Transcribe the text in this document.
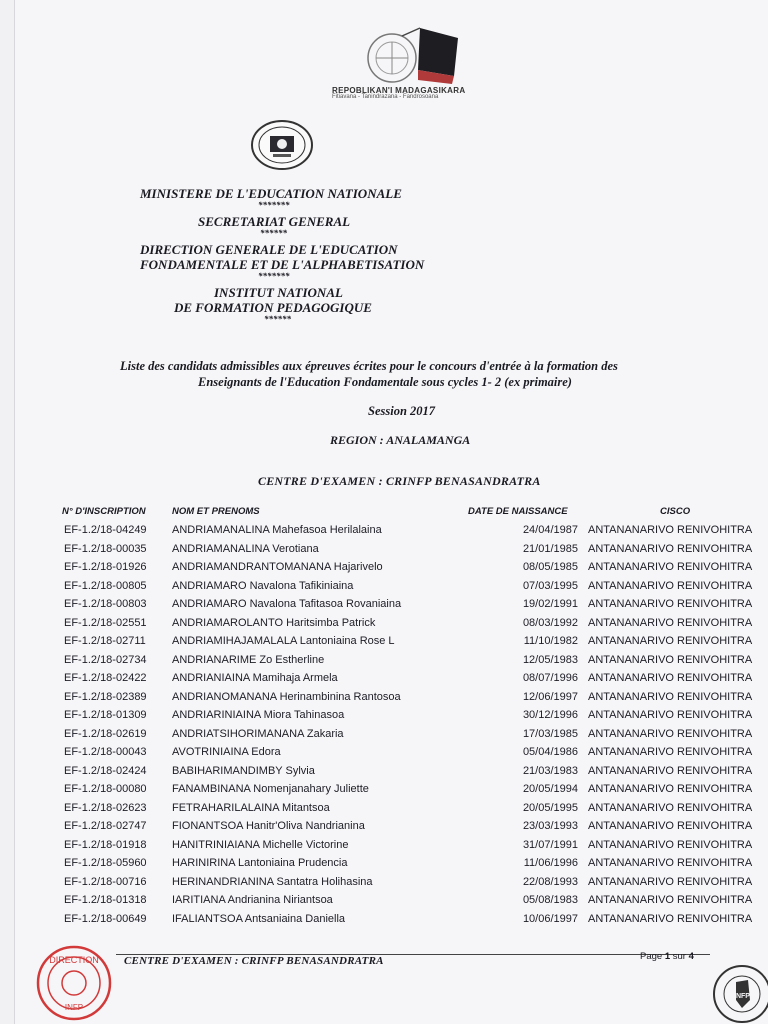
REPOBLIKAN'I MADAGASIKARA
Fitiavana - Tanindrazana - Fandrosoana
MINISTERE DE L'EDUCATION NATIONALE
*******
SECRETARIAT GENERAL
******
DIRECTION GENERALE DE L'EDUCATION
FONDAMENTALE ET DE L'ALPHABETISATION
*******
INSTITUT NATIONAL
DE FORMATION PEDAGOGIQUE
******
Liste des candidats admissibles aux épreuves écrites pour le concours d'entrée à la formation des
Enseignants de l'Education Fondamentale sous cycles 1- 2 (ex primaire)
Session 2017
REGION : ANALAMANGA
CENTRE D'EXAMEN : CRINFP BENASANDRATRA
N° D'INSCRIPTION	NOM ET PRENOMS	DATE DE NAISSANCE	CISCO
EF-1.2/18-04249 ANDRIAMANALINA Mahefasoa Herilalaina	24/04/1987 ANTANANARIVO RENIVOHITRA
EF-1.2/18-00035 ANDRIAMANALINA Verotiana	21/01/1985 ANTANANARIVO RENIVOHITRA
EF-1.2/18-01926 ANDRIAMANDRANTOMANANA Hajarivelo	08/05/1985 ANTANANARIVO RENIVOHITRA
EF-1.2/18-00805 ANDRIAMARO Navalona Tafikiniaina	07/03/1995 ANTANANARIVO RENIVOHITRA
EF-1.2/18-00803 ANDRIAMARO Navalona Tafitasoa Rovaniaina	19/02/1991 ANTANANARIVO RENIVOHITRA
EF-1.2/18-02551 ANDRIAMAROLANTO Haritsimba Patrick	08/03/1992 ANTANANARIVO RENIVOHITRA
EF-1.2/18-02711 ANDRIAMIHAJAMALALA Lantoniaina Rose L	11/10/1982 ANTANANARIVO RENIVOHITRA
EF-1.2/18-02734 ANDRIANARIME Zo Estherline	12/05/1983 ANTANANARIVO RENIVOHITRA
EF-1.2/18-02422 ANDRIANIAINA Mamihaja Armela	08/07/1996 ANTANANARIVO RENIVOHITRA
EF-1.2/18-02389 ANDRIANOMANANA Herinambinina Rantosoa	12/06/1997 ANTANANARIVO RENIVOHITRA
EF-1.2/18-01309 ANDRIARINIAINA Miora Tahinasoa	30/12/1996 ANTANANARIVO RENIVOHITRA
EF-1.2/18-02619 ANDRIATSIHORIMANANA Zakaria	17/03/1985 ANTANANARIVO RENIVOHITRA
EF-1.2/18-00043 AVOTRINIAINA Edora	05/04/1986 ANTANANARIVO RENIVOHITRA
EF-1.2/18-02424 BABIHARIMANDIMBY Sylvia	21/03/1983 ANTANANARIVO RENIVOHITRA
EF-1.2/18-00080 FANAMBINANA Nomenjanahary Juliette	20/05/1994 ANTANANARIVO RENIVOHITRA
EF-1.2/18-02623 FETRAHARILALAINA Mitantsoa	20/05/1995 ANTANANARIVO RENIVOHITRA
EF-1.2/18-02747 FIONANTSOA Hanitr'Oliva Nandrianina	23/03/1993 ANTANANARIVO RENIVOHITRA
EF-1.2/18-01918 HANITRINIAIANA Michelle Victorine	31/07/1991 ANTANANARIVO RENIVOHITRA
EF-1.2/18-05960 HARINIRINA Lantoniaina Prudencia	11/06/1996 ANTANANARIVO RENIVOHITRA
EF-1.2/18-00716 HERINANDRIANINA Santatra Holihasina	22/08/1993 ANTANANARIVO RENIVOHITRA
EF-1.2/18-01318 IARITIANA Andrianina Niriantsoa	05/08/1983 ANTANANARIVO RENIVOHITRA
EF-1.2/18-00649 IFALIANTSOA Antsaniaina Daniella	10/06/1997 ANTANANARIVO RENIVOHITRA
DIRECTION
INFP
CENTRE D'EXAMEN : CRINFP BENASANDRATRA	Page 1 sur 4
INFP
